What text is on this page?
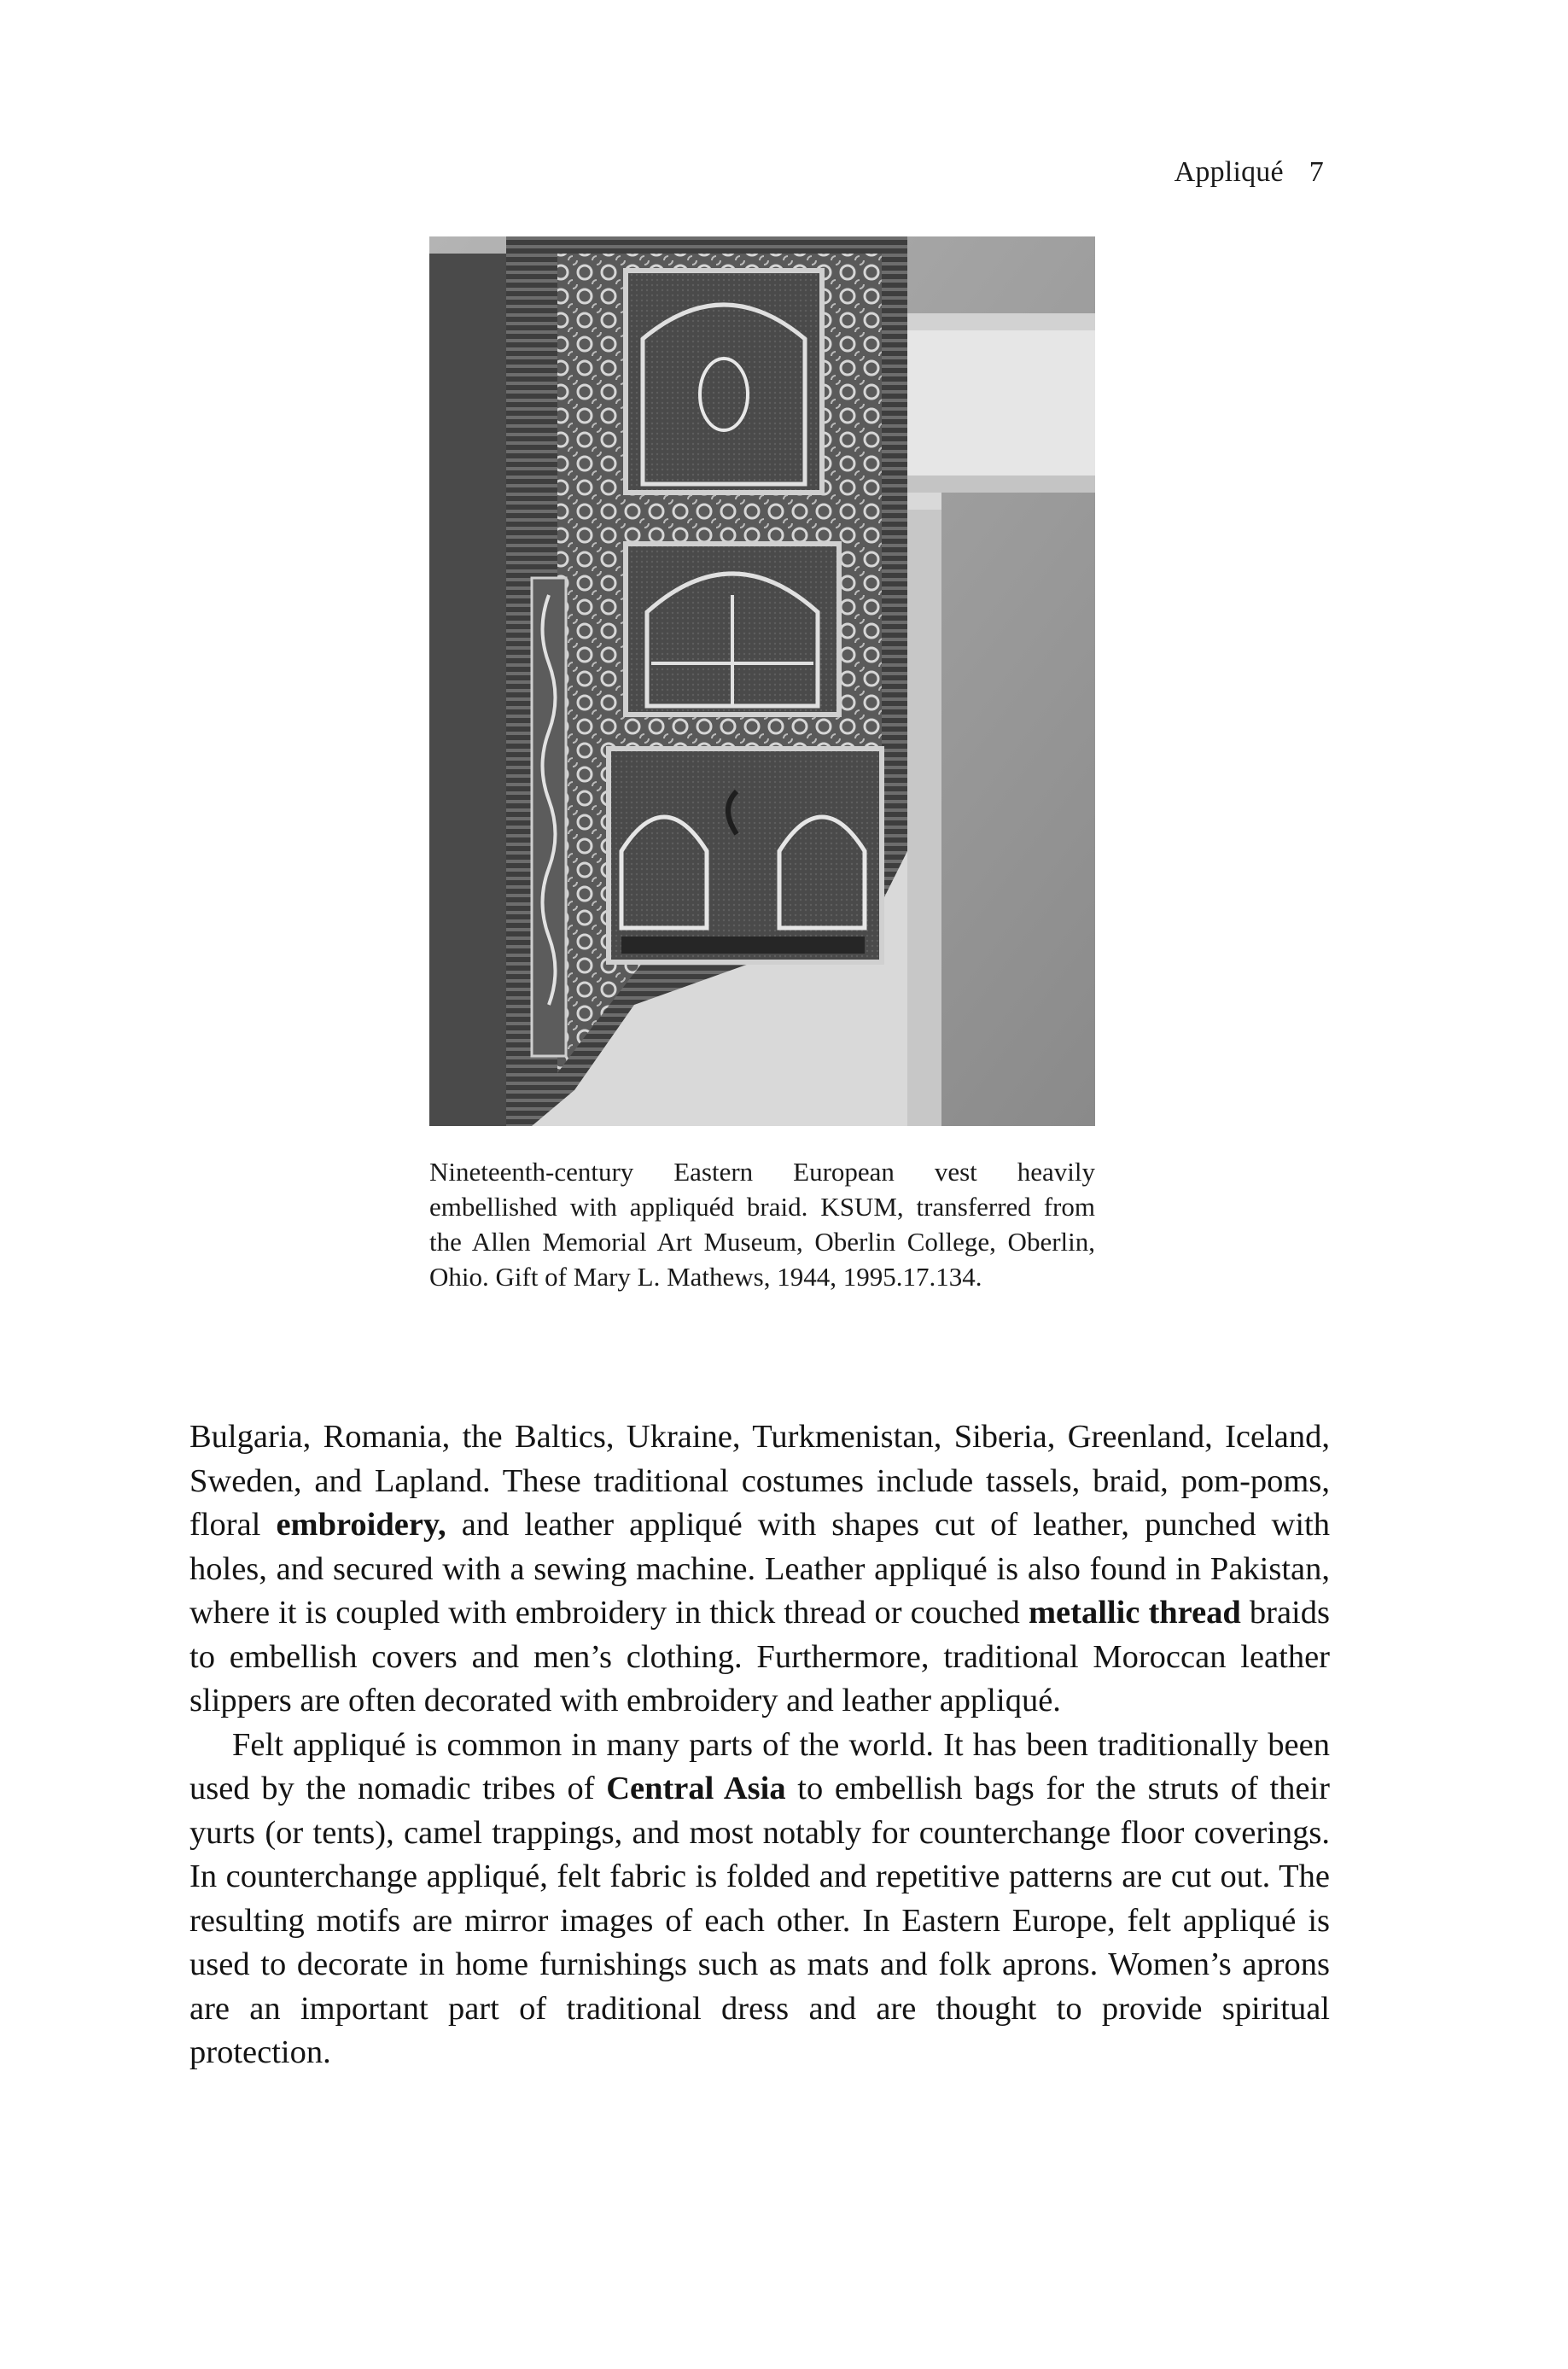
Appliqué 7
Nineteenth-century Eastern European vest heavily embellished with appliquéd braid. KSUM, transferred from the Allen Memorial Art Museum, Oberlin College, Oberlin, Ohio. Gift of Mary L. Mathews, 1944, 1995.17.134.

Bulgaria, Romania, the Baltics, Ukraine, Turkmenistan, Siberia, Greenland, Iceland, Sweden, and Lapland. These traditional costumes include tassels, braid, pom-poms, floral embroidery, and leather appliqué with shapes cut of leather, punched with holes, and secured with a sewing machine. Leather appliqué is also found in Pakistan, where it is coupled with embroidery in thick thread or couched metallic thread braids to embellish covers and men’s clothing. Furthermore, traditional Moroccan leather slippers are often decorated with embroidery and leather appliqué.

Felt appliqué is common in many parts of the world. It has been traditionally been used by the nomadic tribes of Central Asia to embellish bags for the struts of their yurts (or tents), camel trappings, and most notably for counterchange floor coverings. In counterchange appliqué, felt fabric is folded and repetitive patterns are cut out. The resulting motifs are mirror images of each other. In Eastern Europe, felt appliqué is used to decorate in home furnishings such as mats and folk aprons. Women’s aprons are an important part of traditional dress and are thought to provide spiritual protection.
